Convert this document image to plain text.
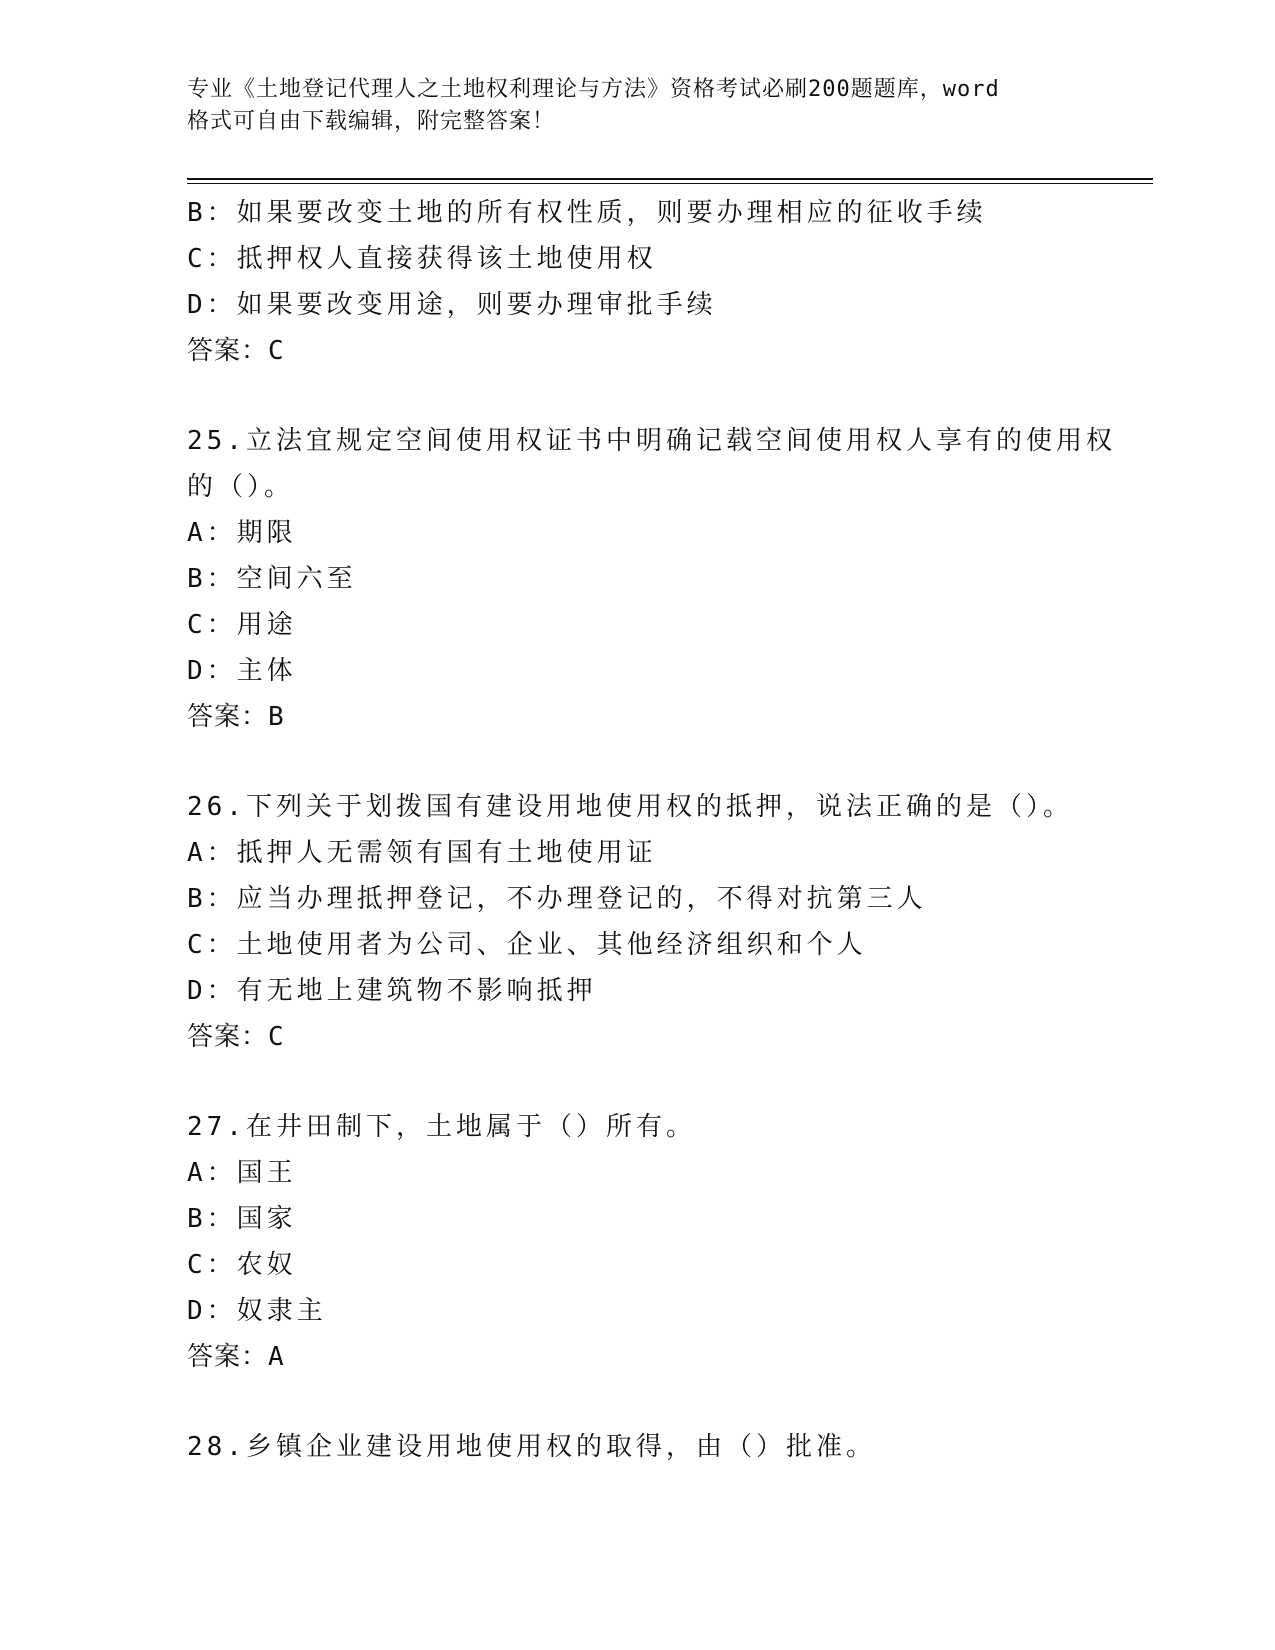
专业《土地登记代理人之土地权利理论与方法》资格考试必刷200题题库，word
格式可自由下载编辑，附完整答案！
B：如果要改变土地的所有权性质，则要办理相应的征收手续
C：抵押权人直接获得该土地使用权
D：如果要改变用途，则要办理审批手续
答案：C
25.立法宜规定空间使用权证书中明确记载空间使用权人享有的使用权
的（）。
A：期限
B：空间六至
C：用途
D：主体
答案：B
26.下列关于划拨国有建设用地使用权的抵押，说法正确的是（）。
A：抵押人无需领有国有土地使用证
B：应当办理抵押登记，不办理登记的，不得对抗第三人
C：土地使用者为公司、企业、其他经济组织和个人
D：有无地上建筑物不影响抵押
答案：C
27.在井田制下，土地属于（）所有。
A：国王
B：国家
C：农奴
D：奴隶主
答案：A
28.乡镇企业建设用地使用权的取得，由（）批准。
